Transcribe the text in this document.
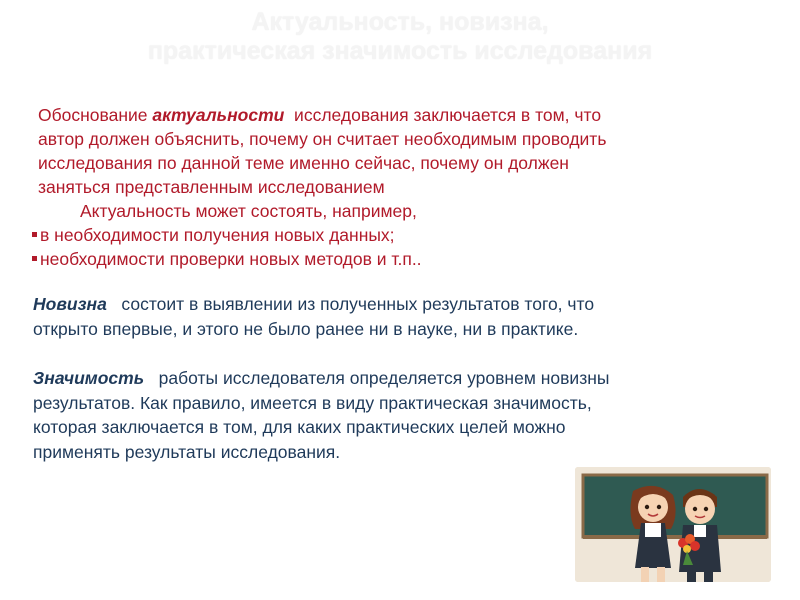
Актуальность, новизна,
практическая значимость исследования
Обоснование актуальности  исследования заключается в том, что
автор должен объяснить, почему он считает необходимым проводить
исследования по данной теме именно сейчас, почему он должен
заняться представленным исследованием
Актуальность может состоять, например,
в необходимости получения новых данных;
необходимости проверки новых методов и т.п..
Новизна   состоит в выявлении из полученных результатов того, что
открыто впервые, и этого не было ранее ни в науке, ни в практике.
Значимость   работы исследователя определяется уровнем новизны
результатов. Как правило, имеется в виду практическая значимость,
которая заключается в том, для каких практических целей можно
применять результаты исследования.
